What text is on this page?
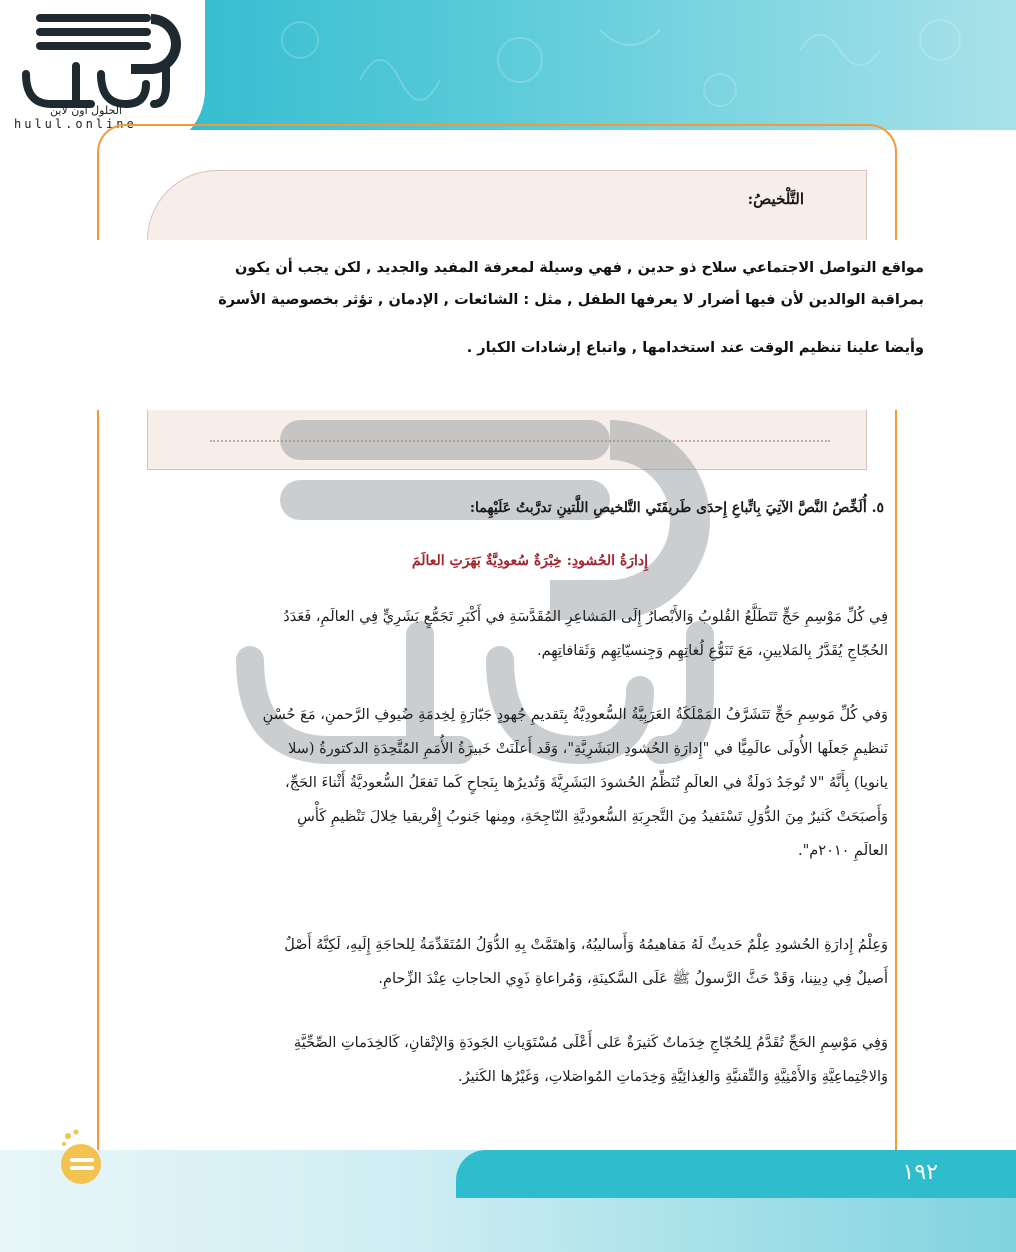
الحلول اون لاين
hulul.online
التَّلْخيصُ:
مواقع التواصل الاجتماعي سلاح ذو حدين , فهي وسيلة لمعرفة المفيد والجديد , لكن يجب أن يكون
بمراقبة الوالدين لأن فيها أضرار لا يعرفها الطفل , مثل : الشائعات , الإدمان , تؤثر بخصوصية الأسرة
وأيضا علينا تنظيم الوقت عند استخدامها , واتباع إرشادات الكبار .
٥. أُلَخِّصُ النَّصَّ الآتِيَ بِاتِّباعِ إِحدَى طَريقَتَي التَّلخيصِ اللَّتينِ تدرَّبتُ عَلَيْهِما:
إِدارَةُ الحُشودِ: خِبْرَةٌ سُعودِيَّةٌ بَهَرَتِ العالَمَ
فِي كُلِّ مَوْسِمِ حَجٍّ تَتَطَلَّعُ القُلوبُ وَالأَبْصارُ إِلَى المَشاعِرِ المُقَدَّسَةِ في أَكْبَرِ تَجَمُّعٍ بَشَرِيٍّ فِي العالَمِ، فَعَدَدُ
الحُجّاجِ يُقَدَّرُ بِالمَلايينِ، مَعَ تَنَوُّعِ لُغاتِهِم وَجِنسيّاتِهِم وَثَقافاتِهِم.
وَفي كُلِّ مَوسِمِ حَجٍّ تَتَشَرَّفُ المَمْلَكَةُ العَرَبِيَّةُ السُّعودِيَّةُ بِتَقديمِ جُهودٍ جَبّارَةٍ لِخِدمَةِ ضُيوفِ الرَّحمنِ، مَعَ حُسْنِ
تَنظيمٍ جَعلَها الأُولَى عالَمِيًّا في "إِدارَةِ الحُشودِ البَشَرِيَّةِ"، وَقَد أَعلَنَتْ خَبيرَةُ الأُمَمِ المُتَّحِدَةِ الدكتورةُ (سلا
يانويا) بِأَنَّهُ "لا تُوجَدُ دَولَةٌ في العالَمِ تُنَظِّمُ الحُشودَ البَشَرِيَّةَ وَتُديرُها بِنَجاحٍ كَما تَفعَلُ السُّعوديَّةُ أَثْناءَ الحَجِّ،
وَأَصبَحَتْ كَثيرٌ مِنَ الدُّوَلِ تَسْتَفيدُ مِنَ التَّجرِبَةِ السُّعوديَّةِ النّاجِحَةِ، ومِنها جَنوبُ إِفْريقيا خِلالَ تَنْظيمِ كَأْسِ
العالَمِ ٢٠١٠م".
وَعِلْمُ إِدارَةِ الحُشودِ عِلْمٌ حَديثٌ لَهُ مَفاهيمُهُ وَأَساليبُهُ، وَاهتَمَّتْ بِهِ الدُّوَلُ المُتَقَدِّمَةُ لِلحاجَةِ إِلَيهِ، لَكِنَّهُ أَصْلٌ
أَصيلٌ فِي دِينِنا، وَقَدْ حَثَّ الرَّسولُ ﷺ عَلَى السَّكينَةِ، وَمُراعاةِ ذَوِي الحاجاتِ عِنْدَ الزِّحامِ.
وَفِي مَوْسِمِ الحَجِّ تُقَدَّمُ لِلحُجّاجِ خِدَماتٌ كَثيرَةٌ عَلى أَعْلَى مُسْتَوَياتِ الجَودَةِ وَالإتْقانِ، كَالخِدَماتِ الصِّحِّيَّةِ
وَالاجْتِماعِيَّةِ وَالأَمْنِيَّةِ وَالتِّقنيَّةِ وَالغِذائِيَّةِ وَخِدَماتِ المُواصَلاتِ، وَغَيْرُها الكَثيرُ.
١٩٢
